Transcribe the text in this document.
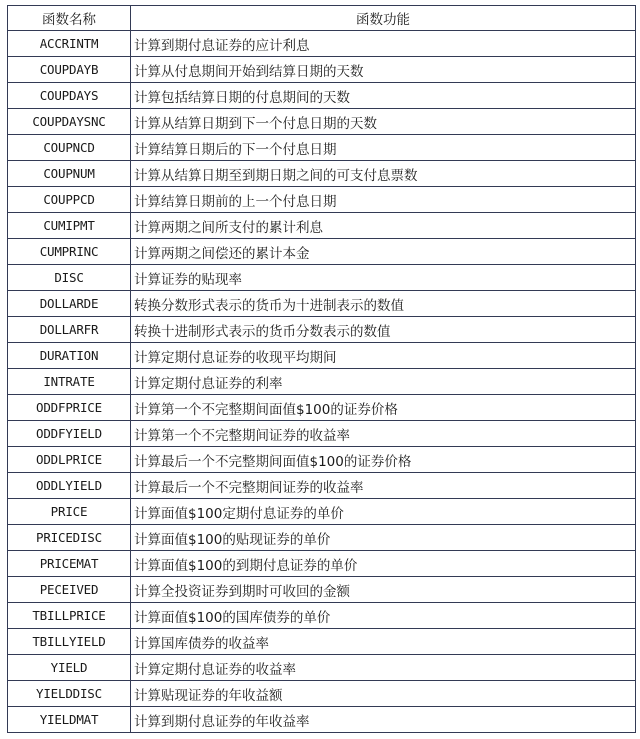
函数名称	函数功能
ACCRINTM	计算到期付息证券的应计利息
COUPDAYB	计算从付息期间开始到结算日期的天数
COUPDAYS	计算包括结算日期的付息期间的天数
COUPDAYSNC	计算从结算日期到下一个付息日期的天数
COUPNCD	计算结算日期后的下一个付息日期
COUPNUM	计算从结算日期至到期日期之间的可支付息票数
COUPPCD	计算结算日期前的上一个付息日期
CUMIPMT	计算两期之间所支付的累计利息
CUMPRINC	计算两期之间偿还的累计本金
DISC	计算证券的贴现率
DOLLARDE	转换分数形式表示的货币为十进制表示的数值
DOLLARFR	转换十进制形式表示的货币分数表示的数值
DURATION	计算定期付息证券的收现平均期间
INTRATE	计算定期付息证券的利率
ODDFPRICE	计算第一个不完整期间面值$100的证券价格
ODDFYIELD	计算第一个不完整期间证券的收益率
ODDLPRICE	计算最后一个不完整期间面值$100的证券价格
ODDLYIELD	计算最后一个不完整期间证券的收益率
PRICE	计算面值$100定期付息证券的单价
PRICEDISC	计算面值$100的贴现证券的单价
PRICEMAT	计算面值$100的到期付息证券的单价
PECEIVED	计算全投资证券到期时可收回的金额
TBILLPRICE	计算面值$100的国库债券的单价
TBILLYIELD	计算国库债券的收益率
YIELD	计算定期付息证券的收益率
YIELDDISC	计算贴现证券的年收益额
YIELDMAT	计算到期付息证券的年收益率
